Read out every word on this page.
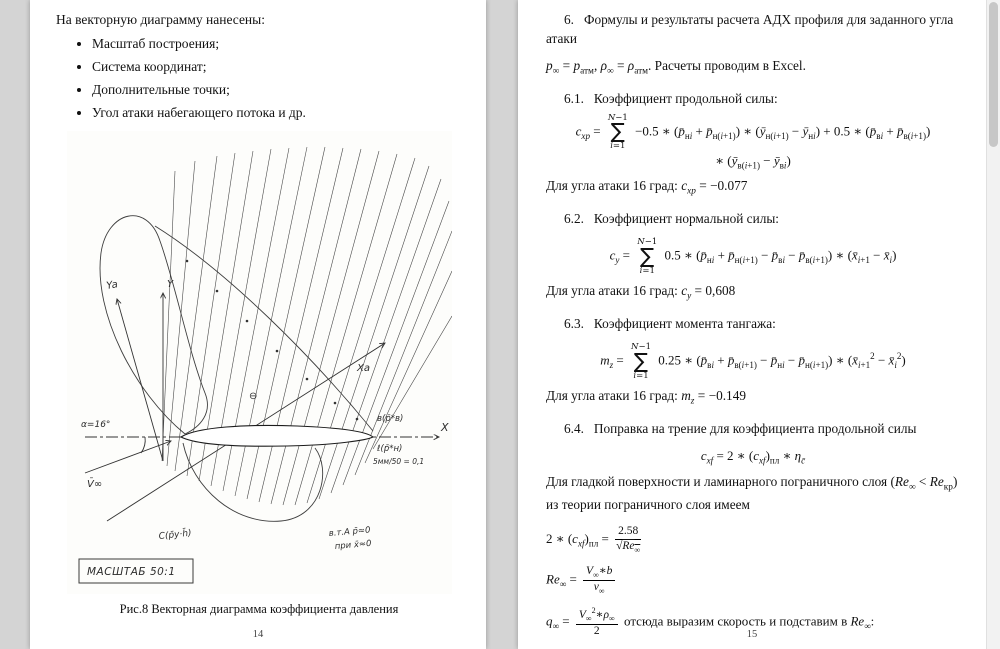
На векторную диаграмму нанесены:

• Масштаб построения;
• Система координат;
• Дополнительные точки;
• Угол атаки набегающего потока и др.
Ya	Y
Xa
X
α=16°
V̄∞
⊖
C(p̄у·h̄)
в(p̄*в)
ℓ(p̄*н)
5мм/50 = 0,1
в.т.А p̄≈0
при x̄≈0
МАСШТАБ 50:1

Рис.8 Векторная диаграмма коэффициента давления

14

6.   Формулы и результаты расчета АДХ профиля для заданного угла атаки

$p_\infty = p_{атм}$, $\rho_\infty = \rho_{атм}$. Расчеты проводим в Excel.

6.1.   Коэффициент продольной силы:

$c_{xp}$ =
N−1
∑
i=1
−0.5 ∗ ($p̄_{нi}$ + $p̄_{н(i+1)}$) ∗ ($ȳ_{н(i+1)}$ − $ȳ_{нi}) + 0.5$ ∗ ($p̄_{вi}$ + $p̄_{в(i+1)}$)
∗ ($ȳ_{в(i+1)}$ − $ȳ_{вi}$)

Для угла атаки 16 град: $c_{xp} = -0.077$

6.2.   Коэффициент нормальной силы:

$c_y$ =
N−1
∑
i=1
0.5 ∗ ($p̄_{нi}$ + $p̄_{н(i+1)}$ − $p̄_{вi}$ − $p̄_{в(i+1)}$) ∗ ($x̄_{i+1}$ − $x̄_i$)

Для угла атаки 16 град: $c_y = 0,608$

6.3.   Коэффициент момента тангажа:

$m_z$ =
N−1
∑
i=1
0.25 ∗ ($p̄_{вi}$ + $p̄_{в(i+1)}$ − $p̄_{нi}$ − $p̄_{н(i+1)}$) ∗ ($x̄_{i+1}^2$ − $x̄_i^2$)

Для угла атаки 16 град: $m_z = -0.149$

6.4.   Поправка на трение для коэффициента продольной силы

$c_{xf} = 2$ ∗ $(c_{xf})_{пл}$ ∗ $\eta_{c̄}$

Для гладкой поверхности и ламинарного пограничного слоя $(Re_\infty < Re_{кр})$ из теории пограничного слоя имеем

2 ∗ $(c_{xf})_{пл} = \frac{2.58}{√Re_\infty}$
$Re_\infty = \frac{V_\infty∗b}{\nu_\infty}$
$q_\infty = \frac{V_\infty^2∗\rho_\infty}{2}$ отсюда выразим скорость и подставим в $Re_\infty$:
15
